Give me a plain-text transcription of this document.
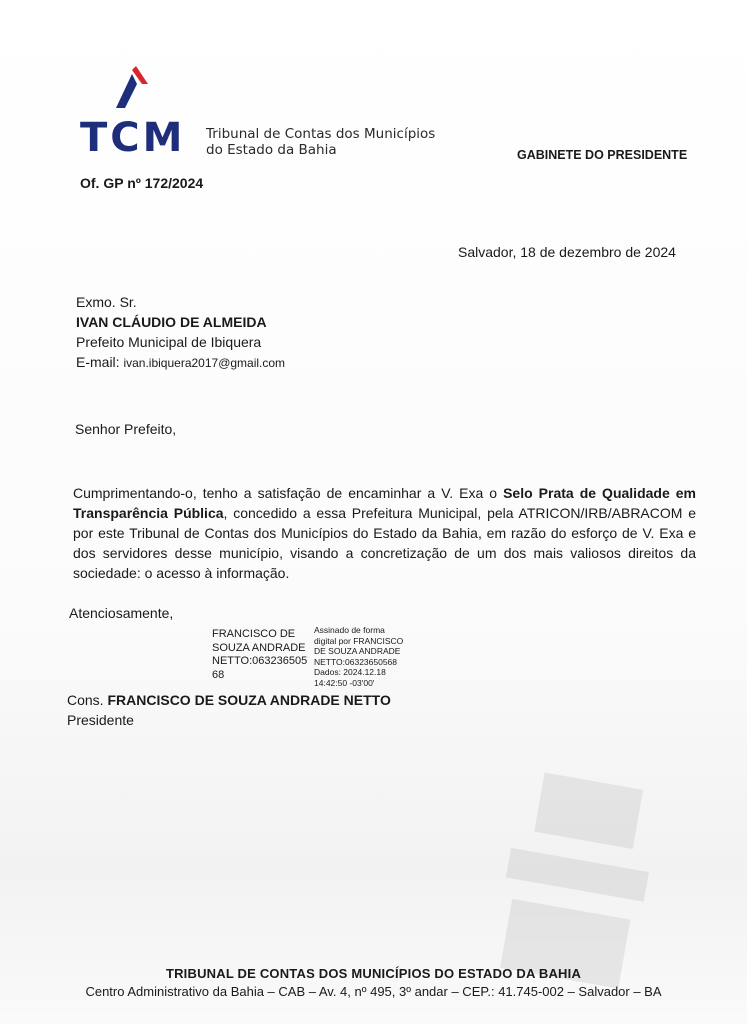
TCM Tribunal de Contas dos Municípios
do Estado da Bahia	GABINETE DO PRESIDENTE
Of. GP nº 172/2024
Salvador, 18 de dezembro de 2024
Exmo. Sr.
IVAN CLÁUDIO DE ALMEIDA
Prefeito Municipal de Ibiquera
E-mail: ivan.ibiquera2017@gmail.com
Senhor Prefeito,
Cumprimentando-o, tenho a satisfação de encaminhar a V. Exa o Selo Prata de Qualidade em Transparência Pública, concedido a essa Prefeitura Municipal, pela ATRICON/IRB/ABRACOM e por este Tribunal de Contas dos Municípios do Estado da Bahia, em razão do esforço de V. Exa e dos servidores desse município, visando a concretização de um dos mais valiosos direitos da sociedade: o acesso à informação.
Atenciosamente,
FRANCISCO DE
SOUZA ANDRADE
NETTO:063236505
68
Assinado de forma
digital por FRANCISCO
DE SOUZA ANDRADE
NETTO:06323650568
Dados: 2024.12.18
14:42:50 -03'00'
Cons. FRANCISCO DE SOUZA ANDRADE NETTO
Presidente
TRIBUNAL DE CONTAS DOS MUNICÍPIOS DO ESTADO DA BAHIA
Centro Administrativo da Bahia – CAB – Av. 4, nº 495, 3º andar – CEP.: 41.745-002 – Salvador – BA
